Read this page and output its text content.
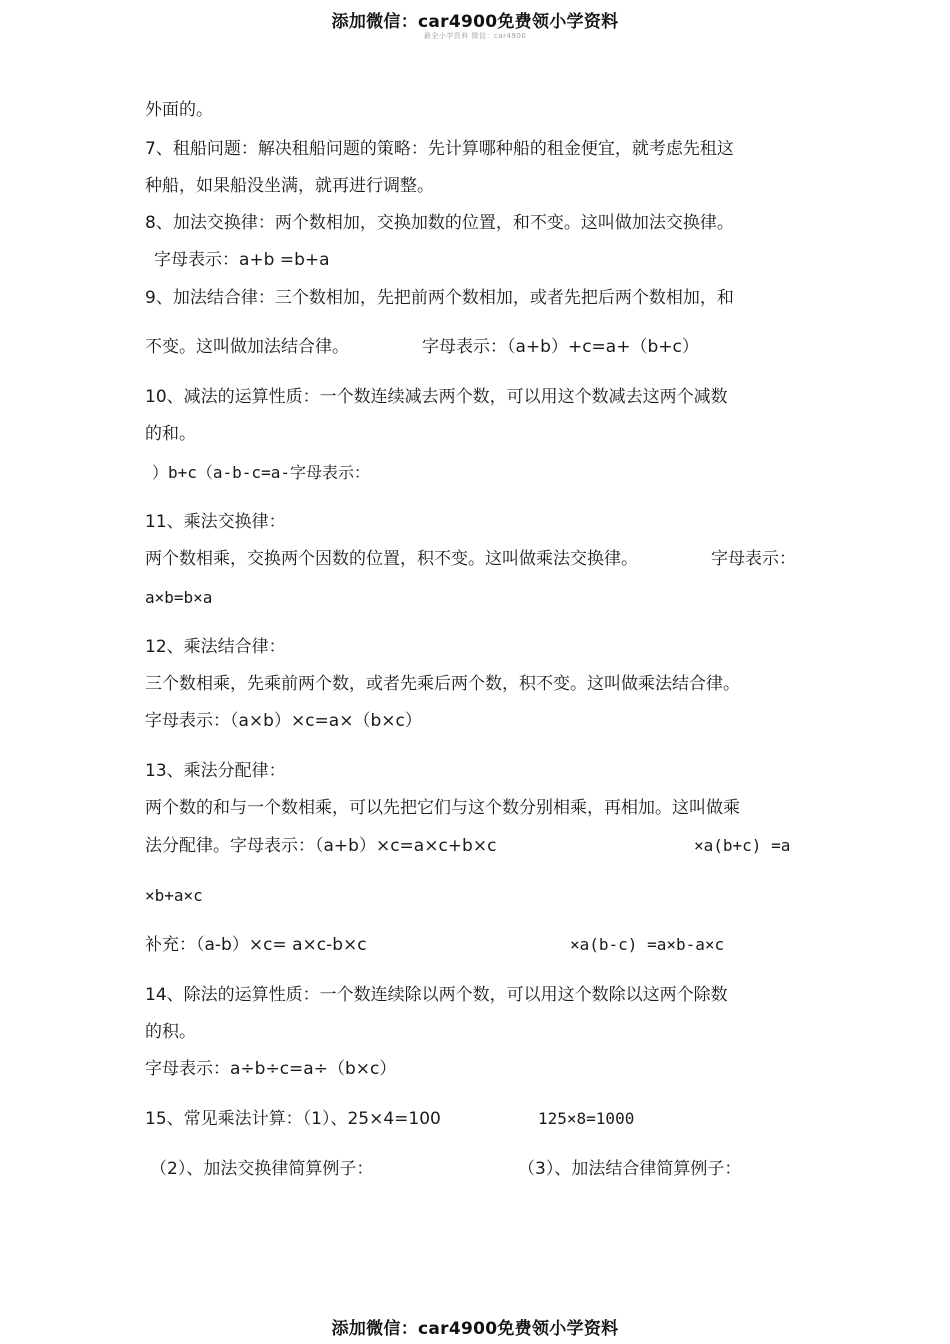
添加微信：car4900免费领小学资料
最全小学资料 微信：car4900
外面的。
7、租船问题：解决租船问题的策略：先计算哪种船的租金便宜，就考虑先租这
种船，如果船没坐满，就再进行调整。
8、加法交换律：两个数相加，交换加数的位置，和不变。这叫做加法交换律。
字母表示：a+b =b+a
9、加法结合律：三个数相加，先把前两个数相加，或者先把后两个数相加，和
不变。这叫做加法结合律。	字母表示：（a+b）+c=a+（b+c）
10、减法的运算性质：一个数连续减去两个数，可以用这个数减去这两个减数
的和。
）b+c（a-b-c=a-字母表示：
11、乘法交换律：
两个数相乘，交换两个因数的位置，积不变。这叫做乘法交换律。	字母表示：
a×b=b×a
12、乘法结合律：
三个数相乘，先乘前两个数，或者先乘后两个数，积不变。这叫做乘法结合律。
字母表示：（a×b）×c=a×（b×c）
13、乘法分配律：
两个数的和与一个数相乘，可以先把它们与这个数分别相乘，再相加。这叫做乘
法分配律。字母表示：（a+b）×c=a×c+b×c	×a(b+c) =a
×b+a×c
补充：（a-b）×c= a×c-b×c	×a(b-c) =a×b-a×c
14、除法的运算性质：一个数连续除以两个数，可以用这个数除以这两个除数
的积。
字母表示：a÷b÷c=a÷（b×c）
15、常见乘法计算：（1）、25×4=100	125×8=1000
（2）、加法交换律简算例子：	（3）、加法结合律简算例子：
添加微信：car4900免费领小学资料
